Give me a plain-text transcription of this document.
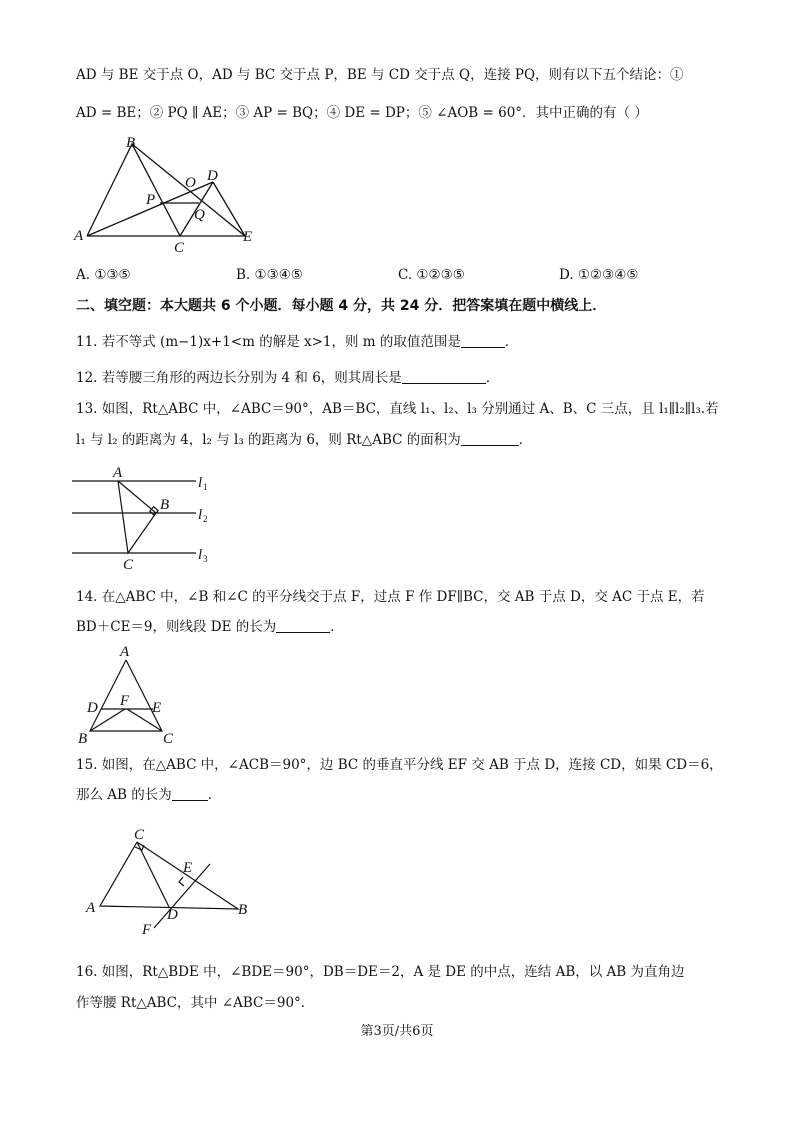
AD 与 BE 交于点 O，AD 与 BC 交于点 P，BE 与 CD 交于点 Q，连接 PQ，则有以下五个结论：①
AD = BE；② PQ ∥ AE；③ AP = BQ；④ DE = DP；⑤ ∠AOB = 60°．其中正确的有（ ）
B
O D
P
Q
A
C
E
A. ①③⑤	B. ①③④⑤	C. ①②③⑤	D. ①②③④⑤
二、填空题：本大题共 6 个小题．每小题 4 分，共 24 分．把答案填在题中横线上．
11. 若不等式 (m−1)x+1<m 的解是 x>1，则 m 的取值范围是	．
12. 若等腰三角形的两边长分别为 4 和 6，则其周长是	．
13. 如图，Rt△ABC 中，∠ABC＝90°，AB＝BC，直线 l₁、l₂、l₃ 分别通过 A、B、C 三点，且 l₁∥l₂∥l₃.若
l₁ 与 l₂ 的距离为 4，l₂ 与 l₃ 的距离为 6，则 Rt△ABC 的面积为	．
A
B
C
l 1
l 2
l 3
14. 在△ABC 中，∠B 和∠C 的平分线交于点 F，过点 F 作 DF∥BC，交 AB 于点 D，交 AC 于点 E，若
BD＋CE＝9，则线段 DE 的长为	．
A
F
D	E
B	C
15. 如图，在△ABC 中，∠ACB＝90°，边 BC 的垂直平分线 EF 交 AB 于点 D，连接 CD，如果 CD＝6，
那么 AB 的长为	．
C
E
A	D	B
F
16. 如图，Rt△BDE 中，∠BDE＝90°，DB＝DE＝2，A 是 DE 的中点，连结 AB，以 AB 为直角边
作等腰 Rt△ABC，其中 ∠ABC＝90°．
第3页/共6页
